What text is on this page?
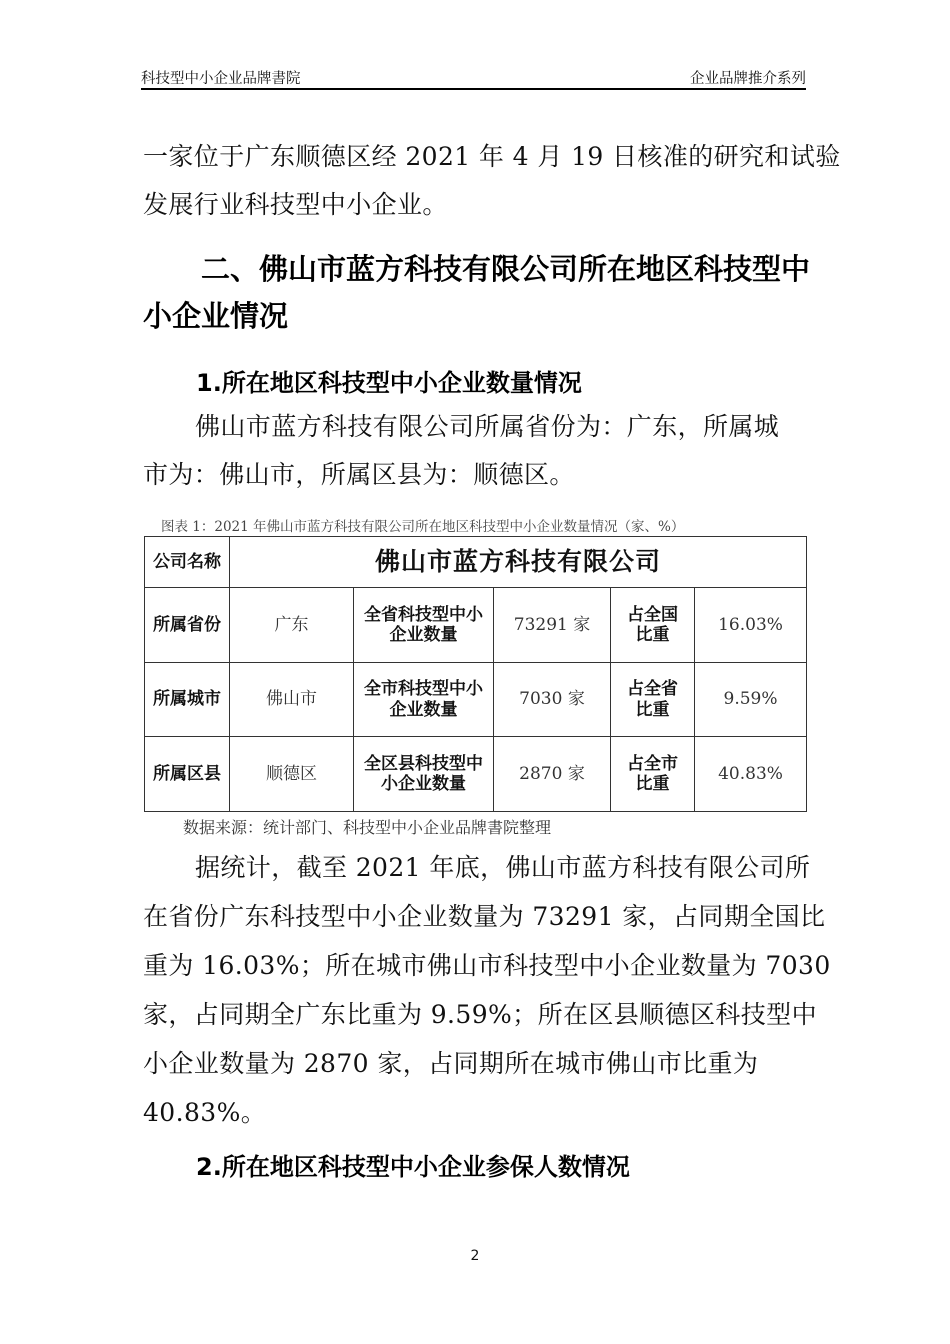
科技型中小企业品牌書院	企业品牌推介系列
一家位于广东顺德区经 2021 年 4 月 19 日核准的研究和试验
发展行业科技型中小企业。
二、佛山市蓝方科技有限公司所在地区科技型中
小企业情况
1.所在地区科技型中小企业数量情况
佛山市蓝方科技有限公司所属省份为：广东，所属城
市为：佛山市，所属区县为：顺德区。
图表 1：2021 年佛山市蓝方科技有限公司所在地区科技型中小企业数量情况（家、%）
公司名称	佛山市蓝方科技有限公司				
所属省份	广东	全省科技型中小企业数量	73291 家	占全国比重	16.03%
所属城市	佛山市	全市科技型中小企业数量	7030 家	占全省比重	9.59%
所属区县	顺德区	全区县科技型中小企业数量	2870 家	占全市比重	40.83%
数据来源：统计部门、科技型中小企业品牌書院整理
据统计，截至 2021 年底，佛山市蓝方科技有限公司所
在省份广东科技型中小企业数量为 73291 家，占同期全国比
重为 16.03%；所在城市佛山市科技型中小企业数量为 7030
家，占同期全广东比重为 9.59%；所在区县顺德区科技型中
小企业数量为 2870 家，占同期所在城市佛山市比重为
40.83%。
2.所在地区科技型中小企业参保人数情况
2
